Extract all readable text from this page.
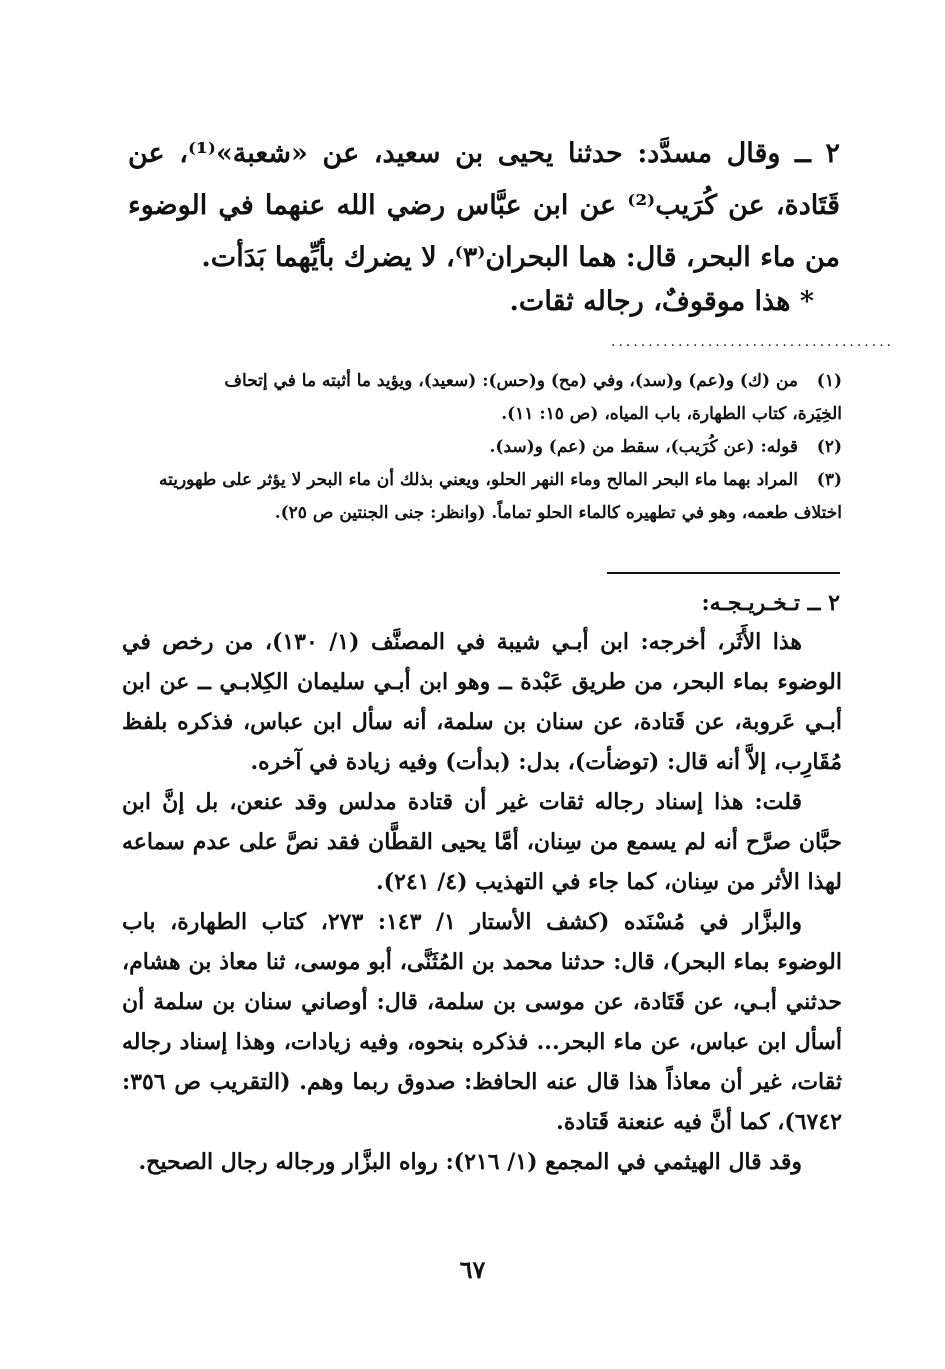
٢ ــ وقال مسدَّد: حدثنا يحيى بن سعيد، عن «شعبة»⁽¹⁾، عن قَتَادة، عن كُرَيب⁽²⁾ عن ابن عبَّاس رضي الله عنهما في الوضوء من ماء البحر، قال: هما البحران⁽٣⁾، لا يضرك بأيِّهما بَدَأت.

* هذا موقوفٌ، رجاله ثقات.
......................................
(١)من (ك) و(عم) و(سد)، وفي (مح) و(حس): (سعيد)، ويؤيد ما أثبته ما في إتحاف
الخِيَرة، كتاب الطهارة، باب المياه، (ص ١٥: ١١).
(٢)قوله: (عن كُرَيب)، سقط من (عم) و(سد).
(٣)المراد بهما ماء البحر المالح وماء النهر الحلو، ويعني بذلك أن ماء البحر لا يؤثر على طهوريته
اختلاف طعمه، وهو في تطهيره كالماء الحلو تماماً. (وانظر: جنى الجنتين ص ٢٥).
٢ ــ تـخـريـجـه:

هذا الأَثَر، أخرجه: ابن أبـي شيبة في المصنَّف (١/ ١٣٠)، من رخص في الوضوء بماء البحر، من طريق عَبْدة ــ وهو ابن أبـي سليمان الكِلابـي ــ عن ابن أبـي عَروبة، عن قَتادة، عن سنان بن سلمة، أنه سأل ابن عباس، فذكره بلفظ مُقَارِب، إلاَّ أنه قال: (توضأت)، بدل: (بدأت) وفيه زيادة في آخره.

قلت: هذا إسناد رجاله ثقات غير أن قتادة مدلس وقد عنعن، بل إنَّ ابن حبَّان صرَّح أنه لم يسمع من سِنان، أمَّا يحيى القطَّان فقد نصَّ على عدم سماعه لهذا الأثر من سِنان، كما جاء في التهذيب (٤/ ٢٤١).

والبزَّار في مُسْنَده (كشف الأستار ١/ ١٤٣: ٢٧٣، كتاب الطهارة، باب الوضوء بماء البحر)، قال: حدثنا محمد بن المُثَنَّى، أبو موسى، ثنا معاذ بن هشام، حدثني أبـي، عن قَتَادة، عن موسى بن سلمة، قال: أوصاني سنان بن سلمة أن أسأل ابن عباس، عن ماء البحر... فذكره بنحوه، وفيه زيادات، وهذا إسناد رجاله ثقات، غير أن معاذاً هذا قال عنه الحافظ: صدوق ربما وهم. (التقريب ص ٣٥٦: ٦٧٤٢)، كما أنَّ فيه عنعنة قَتادة.

وقد قال الهيثمي في المجمع (١/ ٢١٦): رواه البزَّار ورجاله رجال الصحيح.

٦٧
